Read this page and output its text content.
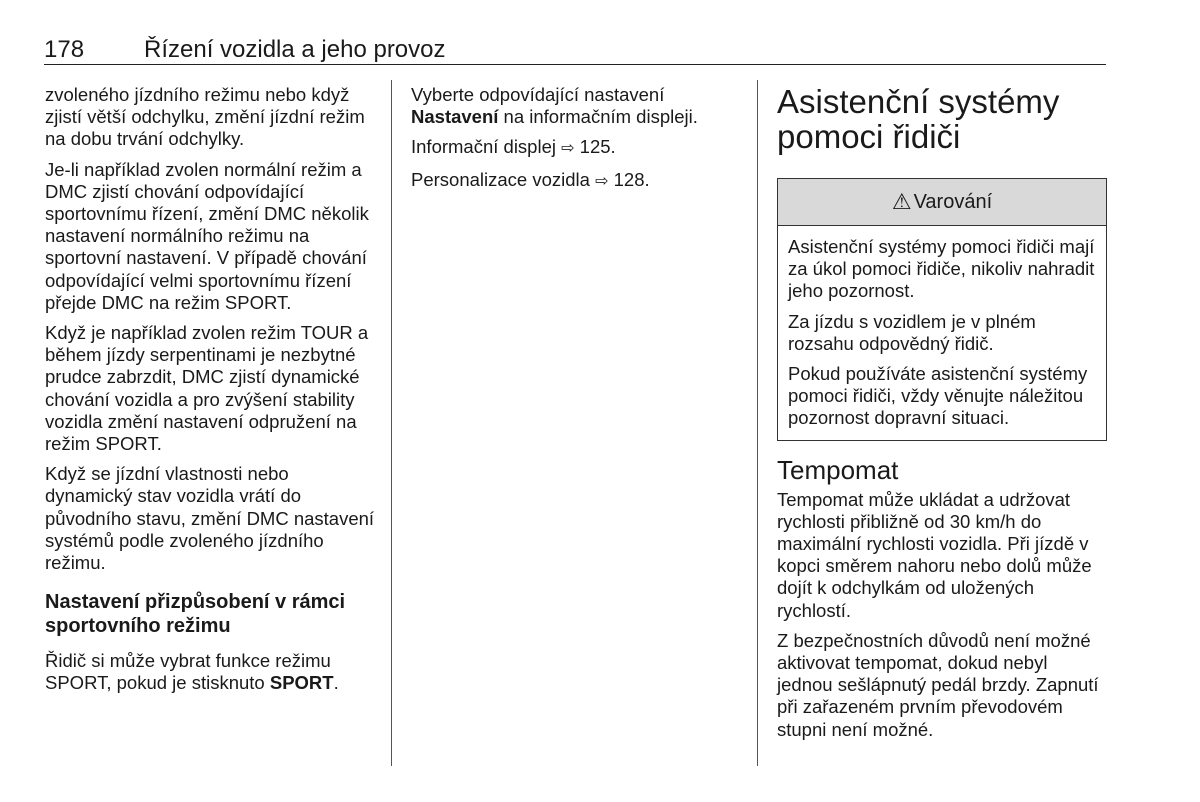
178 Řízení vozidla a jeho provoz

zvoleného jízdního režimu nebo když zjistí větší odchylku, změní jízdní režim na dobu trvání odchylky.

Je-li například zvolen normální režim a DMC zjistí chování odpovídající sportovnímu řízení, změní DMC několik nastavení normálního režimu na sportovní nastavení. V případě chování odpovídající velmi sportovnímu řízení přejde DMC na režim SPORT.

Když je například zvolen režim TOUR a během jízdy serpentinami je nezbytné prudce zabrzdit, DMC zjistí dynamické chování vozidla a pro zvýšení stability vozidla změní nastavení odpružení na režim SPORT.

Když se jízdní vlastnosti nebo dynamický stav vozidla vrátí do původního stavu, změní DMC nastavení systémů podle zvoleného jízdního režimu.

Nastavení přizpůsobení v rámci sportovního režimu

Řidič si může vybrat funkce režimu SPORT, pokud je stisknuto SPORT.

Vyberte odpovídající nastavení Nastavení na informačním displeji.

Informační displej ⇨ 125.

Personalizace vozidla ⇨ 128.

Asistenční systémy pomoci řidiči
⚠ Varování

Asistenční systémy pomoci řidiči mají za úkol pomoci řidiče, nikoliv nahradit jeho pozornost.

Za jízdu s vozidlem je v plném rozsahu odpovědný řidič.

Pokud používáte asistenční systémy pomoci řidiči, vždy věnujte náležitou pozornost dopravní situaci.

Tempomat

Tempomat může ukládat a udržovat rychlosti přibližně od 30 km/h do maximální rychlosti vozidla. Při jízdě v kopci směrem nahoru nebo dolů může dojít k odchylkám od uložených rychlostí.

Z bezpečnostních důvodů není možné aktivovat tempomat, dokud nebyl jednou sešlápnutý pedál brzdy. Zapnutí při zařazeném prvním převodovém stupni není možné.
